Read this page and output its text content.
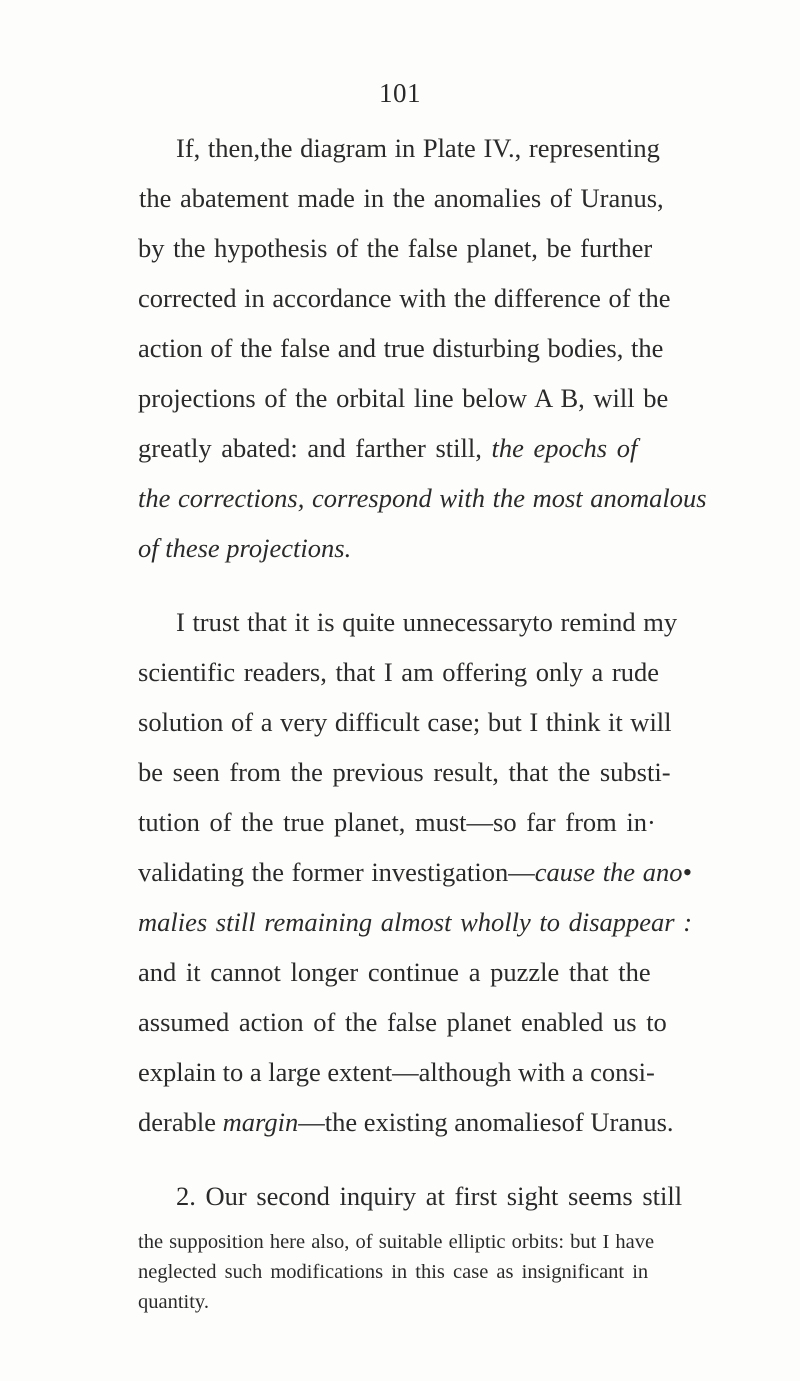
101
If, then,the diagram in Plate IV., representing
the abatement made in the anomalies of Uranus,
by the hypothesis of the false planet, be further
corrected in accordance with the difference of the
action of the false and true disturbing bodies, the
projections of the orbital line below A B, will be
greatly abated: and farther still, the epochs of
the corrections, correspond with the most anomalous
of these projections.
I trust that it is quite unnecessaryto remind my
scientific readers, that I am offering only a rude
solution of a very difficult case; but I think it will
be seen from the previous result, that the substi-
tution of the true planet, must—so far from in·
validating the former investigation—cause the ano•
malies still remaining almost wholly to disappear :
and it cannot longer continue a puzzle that the
assumed action of the false planet enabled us to
explain to a large extent—although with a consi-
derable margin—the existing anomaliesof Uranus.
2. Our second inquiry at first sight seems still
the supposition here also, of suitable elliptic orbits: but I have
neglected such modifications in this case as insignificant in
quantity.
